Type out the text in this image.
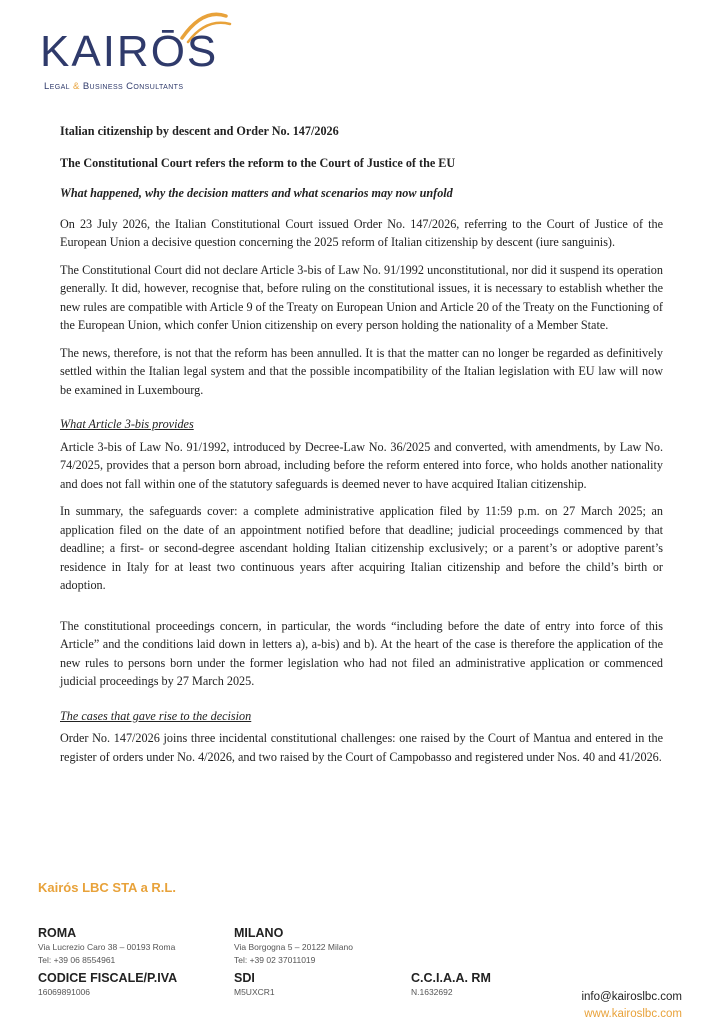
KAIRŌS
Legal & Business Consultants

Italian citizenship by descent and Order No. 147/2026

The Constitutional Court refers the reform to the Court of Justice of the EU

What happened, why the decision matters and what scenarios may now unfold

On 23 July 2026, the Italian Constitutional Court issued Order No. 147/2026, referring to the Court of Justice of the European Union a decisive question concerning the 2025 reform of Italian citizenship by descent (iure sanguinis).

The Constitutional Court did not declare Article 3-bis of Law No. 91/1992 unconstitutional, nor did it suspend its operation generally. It did, however, recognise that, before ruling on the constitutional issues, it is necessary to establish whether the new rules are compatible with Article 9 of the Treaty on European Union and Article 20 of the Treaty on the Functioning of the European Union, which confer Union citizenship on every person holding the nationality of a Member State.

The news, therefore, is not that the reform has been annulled. It is that the matter can no longer be regarded as definitively settled within the Italian legal system and that the possible incompatibility of the Italian legislation with EU law will now be examined in Luxembourg.

What Article 3-bis provides

Article 3-bis of Law No. 91/1992, introduced by Decree-Law No. 36/2025 and converted, with amendments, by Law No. 74/2025, provides that a person born abroad, including before the reform entered into force, who holds another nationality and does not fall within one of the statutory safeguards is deemed never to have acquired Italian citizenship.

In summary, the safeguards cover: a complete administrative application filed by 11:59 p.m. on 27 March 2025; an application filed on the date of an appointment notified before that deadline; judicial proceedings commenced by that deadline; a first- or second-degree ascendant holding Italian citizenship exclusively; or a parent’s or adoptive parent’s residence in Italy for at least two continuous years after acquiring Italian citizenship and before the child’s birth or adoption.

The constitutional proceedings concern, in particular, the words “including before the date of entry into force of this Article” and the conditions laid down in letters a), a-bis) and b). At the heart of the case is therefore the application of the new rules to persons born under the former legislation who had not filed an administrative application or commenced judicial proceedings by 27 March 2025.

The cases that gave rise to the decision

Order No. 147/2026 joins three incidental constitutional challenges: one raised by the Court of Mantua and entered in the register of orders under No. 4/2026, and two raised by the Court of Campobasso and registered under Nos. 40 and 41/2026.

Kairós LBC STA a R.L.
ROMA
Via Lucrezio Caro 38 – 00193 Roma
Tel: +39 06 8554961
MILANO
Via Borgogna 5 – 20122 Milano
Tel: +39 02 37011019
CODICE FISCALE/P.IVA
16069891006
SDI
M5UXCR1
C.C.I.A.A. RM
N.1632692	info@kairoslbc.com
www.kairoslbc.com
